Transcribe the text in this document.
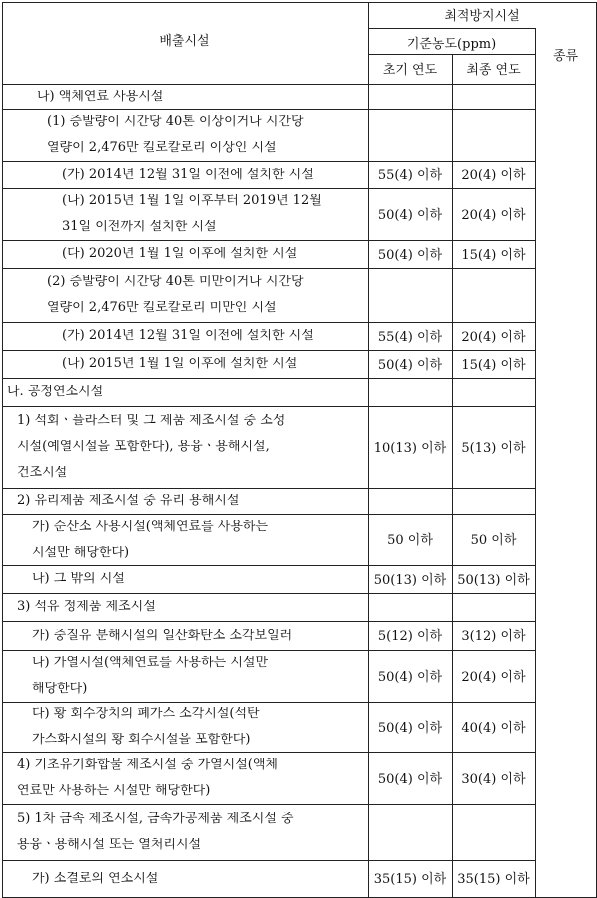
배출시설
최적방지시설
기준농도(ppm)
초기 연도	최종 연도
종류
나) 액체연료 사용시설
(1) 증발량이 시간당 40톤 이상이거나 시간당
열량이 2,476만 킬로칼로리 이상인 시설
(가) 2014년 12월 31일 이전에 설치한 시설	55(4) 이하	20(4) 이하
(나) 2015년 1월 1일 이후부터 2019년 12월
31일 이전까지 설치한 시설
50(4) 이하	20(4) 이하
(다) 2020년 1월 1일 이후에 설치한 시설	50(4) 이하	15(4) 이하
(2) 증발량이 시간당 40톤 미만이거나 시간당
열량이 2,476만 킬로칼로리 미만인 시설
(가) 2014년 12월 31일 이전에 설치한 시설	55(4) 이하	20(4) 이하
(나) 2015년 1월 1일 이후에 설치한 시설	50(4) 이하	15(4) 이하
나. 공정연소시설
1) 석회ㆍ플라스터 및 그 제품 제조시설 중 소성
시설(예열시설을 포함한다), 용융ㆍ용해시설,
건조시설
10(13) 이하	5(13) 이하
2) 유리제품 제조시설 중 유리 용해시설
가) 순산소 사용시설(액체연료를 사용하는
시설만 해당한다)
50 이하	50 이하
나) 그 밖의 시설	50(13) 이하 50(13) 이하
3) 석유 정제품 제조시설
가) 중질유 분해시설의 일산화탄소 소각보일러	5(12) 이하	3(12) 이하
나) 가열시설(액체연료를 사용하는 시설만
해당한다)
50(4) 이하	20(4) 이하
다) 황 회수장치의 폐가스 소각시설(석탄
가스화시설의 황 회수시설을 포함한다)
50(4) 이하	40(4) 이하
4) 기초유기화합물 제조시설 중 가열시설(액체
연료만 사용하는 시설만 해당한다)
50(4) 이하	30(4) 이하
5) 1차 금속 제조시설, 금속가공제품 제조시설 중
용융ㆍ용해시설 또는 열처리시설
가) 소결로의 연소시설	35(15) 이하 35(15) 이하
